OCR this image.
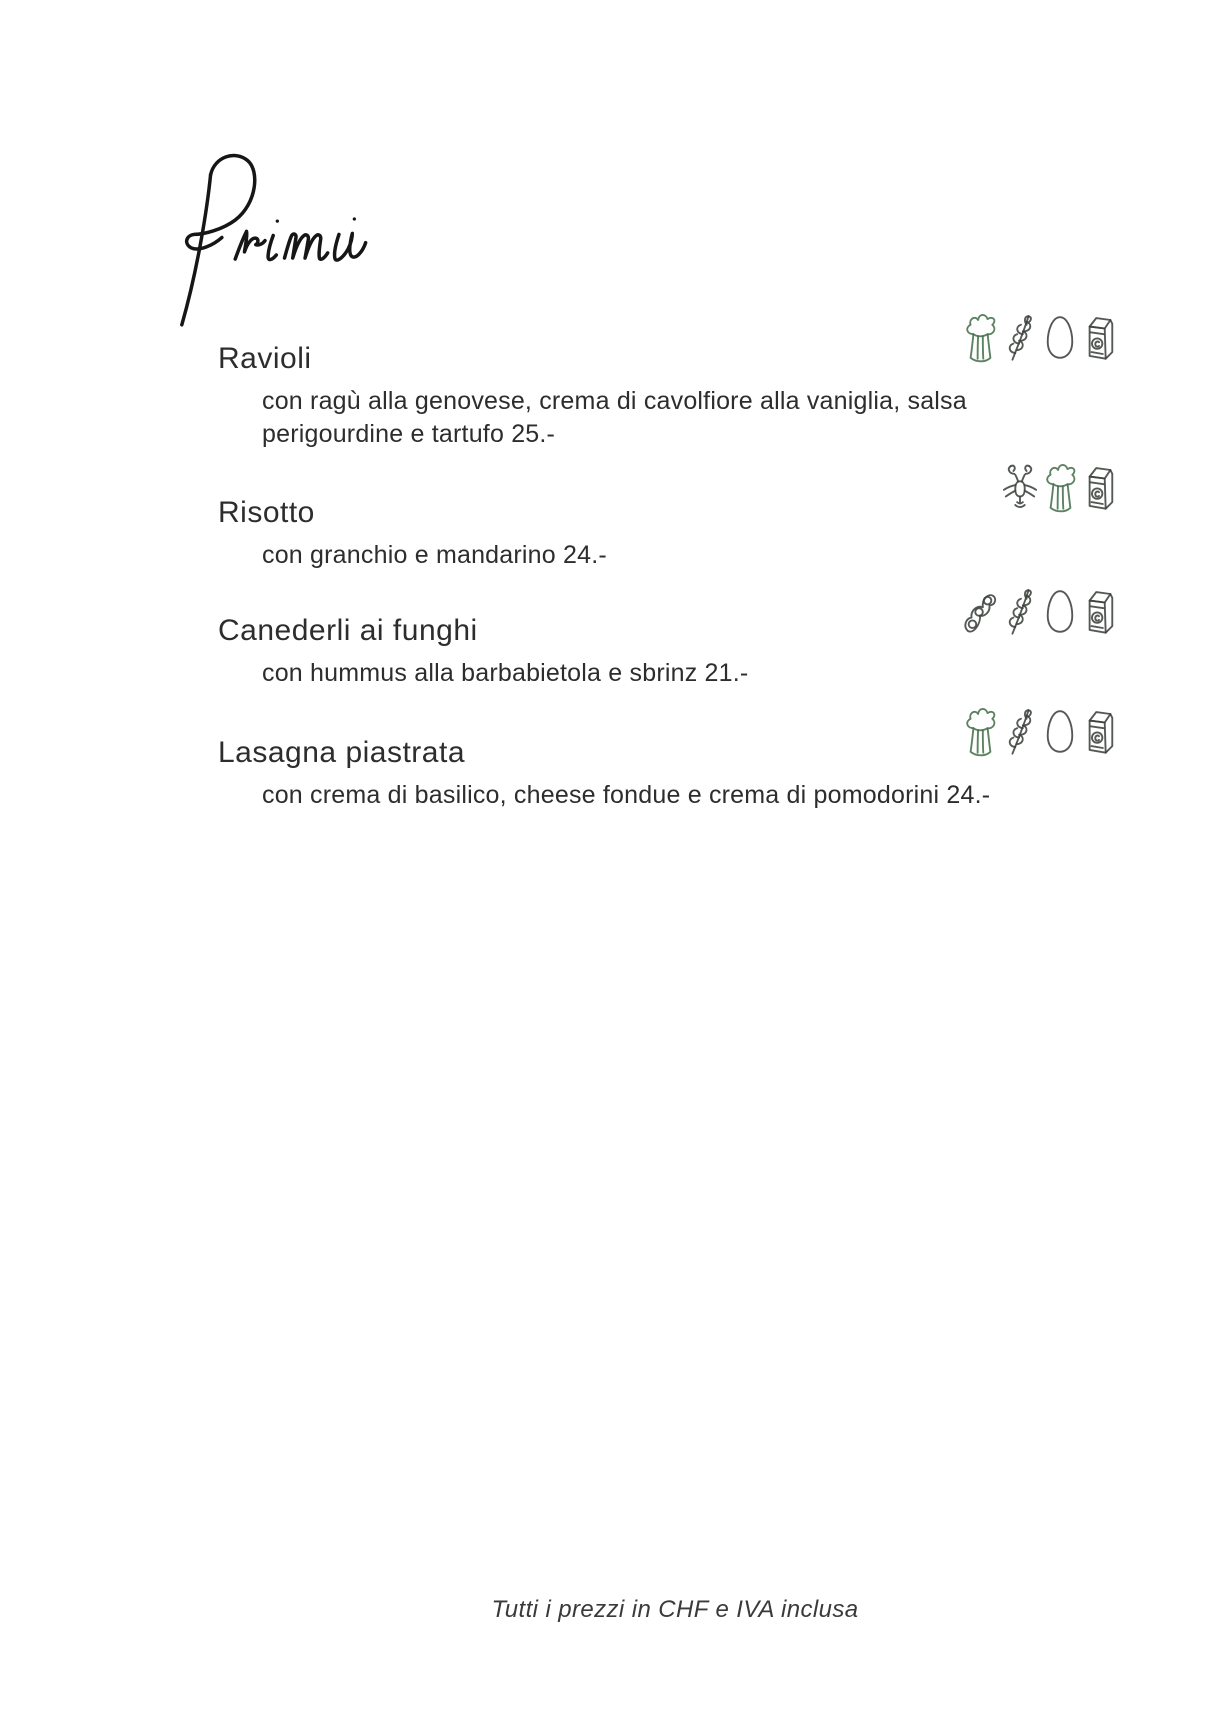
Ravioli

con ragù alla genovese, crema di cavolfiore alla vaniglia, salsa perigourdine e tartufo 25.-

Risotto

con granchio e mandarino 24.-

Canederli ai funghi

con hummus alla barbabietola e sbrinz 21.-

Lasagna piastrata

con crema di basilico, cheese fondue e crema di pomodorini 24.-

Tutti i prezzi in CHF e IVA inclusa
